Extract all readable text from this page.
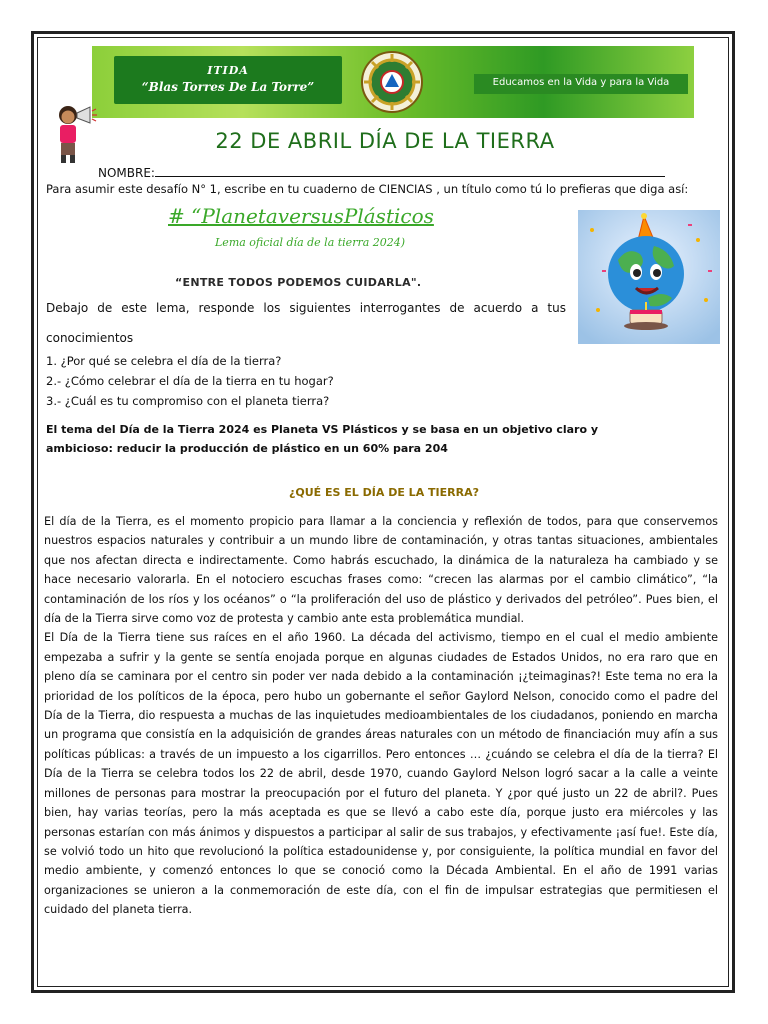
ITIDA
“Blas Torres De La Torre”	Educamos en la Vida y para la Vida
22 DE ABRIL DÍA DE LA TIERRA
NOMBRE:
Para asumir este desafío N° 1, escribe en tu cuaderno de CIENCIAS , un título como tú lo prefieras que diga así:
# “PlanetaversusPlásticos
Lema oficial día de la tierra 2024)
“ENTRE TODOS PODEMOS CUIDARLA".
Debajo de este lema, responde los siguientes interrogantes de acuerdo a tus conocimientos
1. ¿Por qué se celebra el día de la tierra?
2.- ¿Cómo celebrar el día de la tierra en tu hogar?
3.- ¿Cuál es tu compromiso con el planeta tierra?
El tema del Día de la Tierra 2024 es Planeta VS Plásticos y se basa en un objetivo claro y ambicioso: reducir la producción de plástico en un 60% para 204
¿QUÉ ES EL DÍA DE LA TIERRA?

El día de la Tierra, es el momento propicio para llamar a la conciencia y reflexión de todos, para que conservemos nuestros espacios naturales y contribuir a un mundo libre de contaminación, y otras tantas situaciones, ambientales que nos afectan directa e indirectamente. Como habrás escuchado, la dinámica de la naturaleza ha cambiado y se hace necesario valorarla. En el notociero escuchas frases como: “crecen las alarmas por el cambio climático”, “la contaminación de los ríos y los océanos” o “la proliferación del uso de plástico y derivados del petróleo”. Pues bien, el día de la Tierra sirve como voz de protesta y cambio ante esta problemática mundial.

El Día de la Tierra tiene sus raíces en el año 1960. La década del activismo, tiempo en el cual el medio ambiente empezaba a sufrir y la gente se sentía enojada porque en algunas ciudades de Estados Unidos, no era raro que en pleno día se caminara por el centro sin poder ver nada debido a la contaminación ¡¿teimaginas?! Este tema no era la prioridad de los políticos de la época, pero hubo un gobernante el señor Gaylord Nelson, conocido como el padre del Día de la Tierra, dio respuesta a muchas de las inquietudes medioambientales de los ciudadanos, poniendo en marcha un programa que consistía en la adquisición de grandes áreas naturales con un método de financiación muy afín a sus políticas públicas: a través de un impuesto a los cigarrillos. Pero entonces … ¿cuándo se celebra el día de la tierra? El Día de la Tierra se celebra todos los 22 de abril, desde 1970, cuando Gaylord Nelson logró sacar a la calle a veinte millones de personas para mostrar la preocupación por el futuro del planeta. Y ¿por qué justo un 22 de abril?. Pues bien, hay varias teorías, pero la más aceptada es que se llevó a cabo este día, porque justo era miércoles y las personas estarían con más ánimos y dispuestos a participar al salir de sus trabajos, y efectivamente ¡así fue!. Este día, se volvió todo un hito que revolucionó la política estadounidense y, por consiguiente, la política mundial en favor del medio ambiente, y comenzó entonces lo que se conoció como la Década Ambiental. En el año de 1991 varias organizaciones se unieron a la conmemoración de este día, con el fin de impulsar estrategias que permitiesen el cuidado del planeta tierra.
